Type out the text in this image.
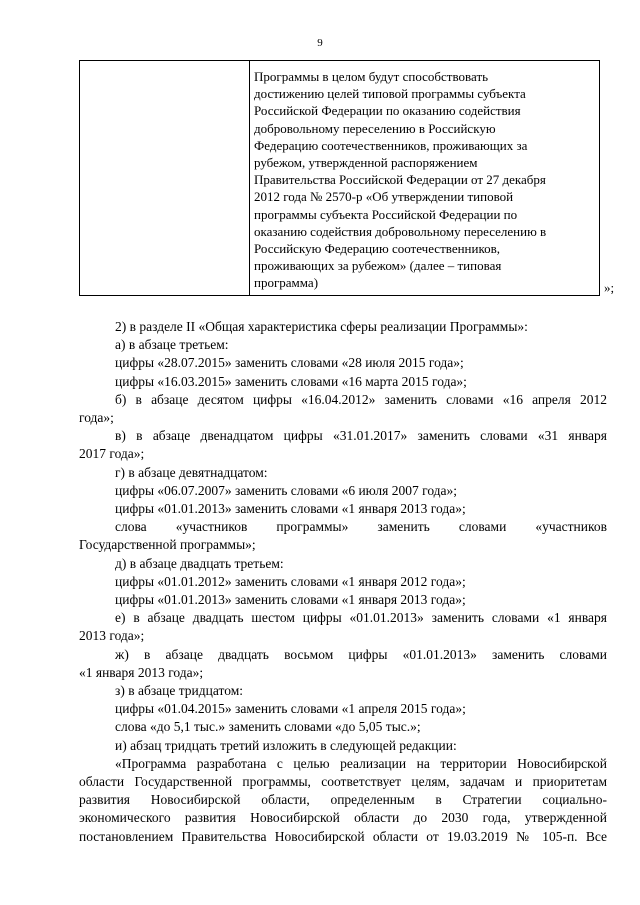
9
Программы в целом будут способствовать
достижению целей типовой программы субъекта
Российской Федерации по оказанию содействия
добровольному переселению в Российскую
Федерацию соотечественников, проживающих за
рубежом, утвержденной распоряжением
Правительства Российской Федерации от 27 декабря
2012 года № 2570-р «Об утверждении типовой
программы субъекта Российской Федерации по
оказанию содействия добровольному переселению в
Российскую Федерацию соотечественников,
проживающих за рубежом» (далее – типовая
программа)	»;
2) в разделе II «Общая характеристика сферы реализации Программы»:
а) в абзаце третьем:
цифры «28.07.2015» заменить словами «28 июля 2015 года»;
цифры «16.03.2015» заменить словами «16 марта 2015 года»;
б) в абзаце десятом цифры «16.04.2012» заменить словами «16 апреля 2012
года»;
в) в абзаце двенадцатом цифры «31.01.2017» заменить словами «31 января
2017 года»;
г) в абзаце девятнадцатом:
цифры «06.07.2007» заменить словами «6 июля 2007 года»;
цифры «01.01.2013» заменить словами «1 января 2013 года»;
слова «участников программы» заменить словами «участников
Государственной программы»;
д) в абзаце двадцать третьем:
цифры «01.01.2012» заменить словами «1 января 2012 года»;
цифры «01.01.2013» заменить словами «1 января 2013 года»;
е) в абзаце двадцать шестом цифры «01.01.2013» заменить словами «1 января
2013 года»;
ж) в абзаце двадцать восьмом цифры «01.01.2013» заменить словами
«1 января 2013 года»;
з) в абзаце тридцатом:
цифры «01.04.2015» заменить словами «1 апреля 2015 года»;
слова «до 5,1 тыс.» заменить словами «до 5,05 тыс.»;
и) абзац тридцать третий изложить в следующей редакции:
«Программа разработана с целью реализации на территории Новосибирской
области Государственной программы, соответствует целям, задачам и приоритетам
развития Новосибирской области, определенным в Стратегии социально-
экономического развития Новосибирской области до 2030 года, утвержденной
постановлением Правительства Новосибирской области от 19.03.2019 № 105-п. Все
